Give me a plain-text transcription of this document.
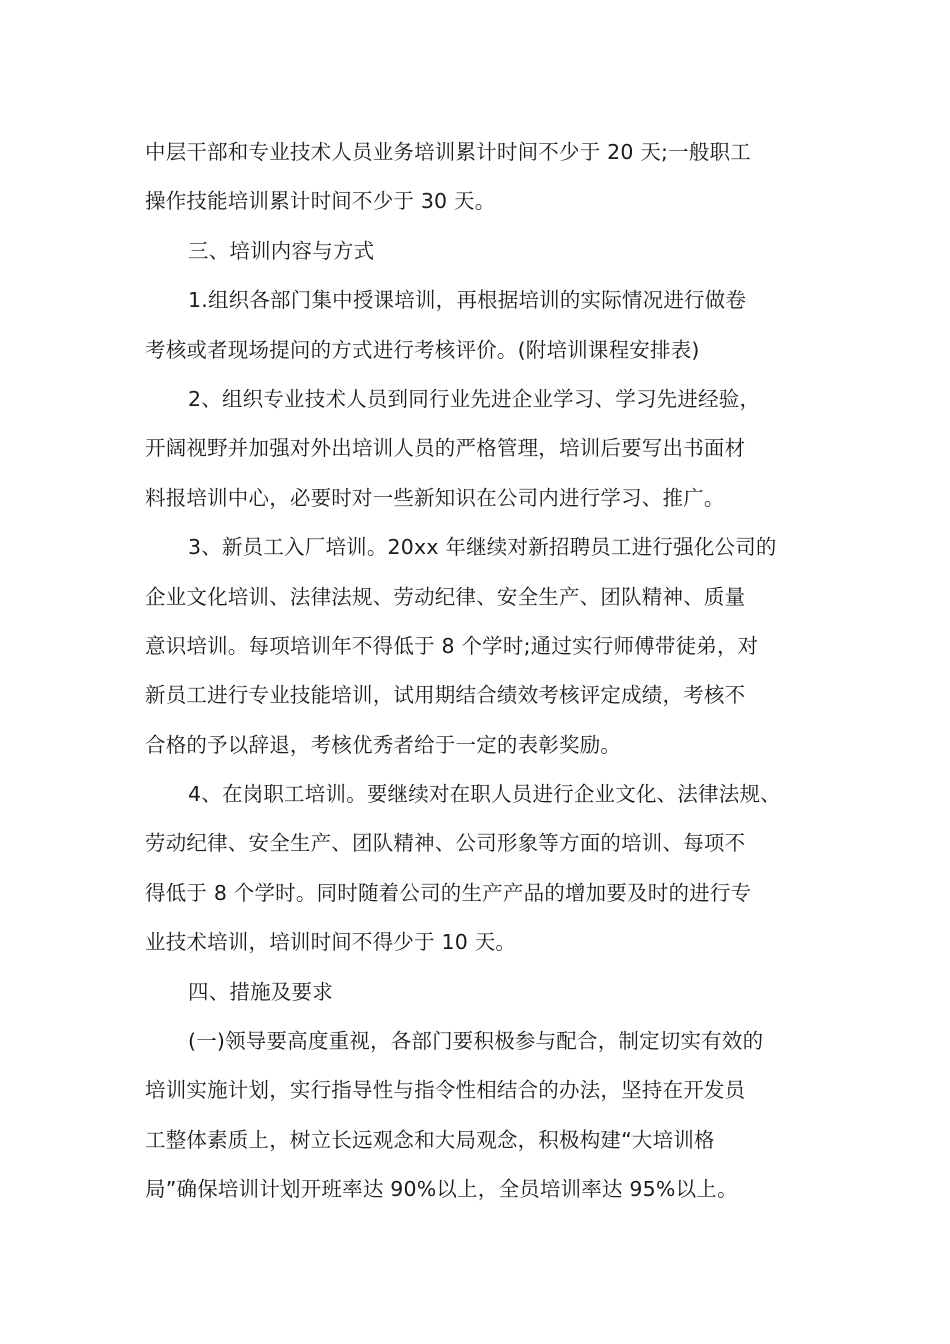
中层干部和专业技术人员业务培训累计时间不少于 20 天;一般职工
操作技能培训累计时间不少于 30 天。
三、培训内容与方式
1.组织各部门集中授课培训，再根据培训的实际情况进行做卷
考核或者现场提问的方式进行考核评价。(附培训课程安排表)
2、组织专业技术人员到同行业先进企业学习、学习先进经验，
开阔视野并加强对外出培训人员的严格管理，培训后要写出书面材
料报培训中心，必要时对一些新知识在公司内进行学习、推广。
3、新员工入厂培训。20xx 年继续对新招聘员工进行强化公司的
企业文化培训、法律法规、劳动纪律、安全生产、团队精神、质量
意识培训。每项培训年不得低于 8 个学时;通过实行师傅带徒弟，对
新员工进行专业技能培训，试用期结合绩效考核评定成绩，考核不
合格的予以辞退，考核优秀者给于一定的表彰奖励。
4、在岗职工培训。要继续对在职人员进行企业文化、法律法规、
劳动纪律、安全生产、团队精神、公司形象等方面的培训、每项不
得低于 8 个学时。同时随着公司的生产产品的增加要及时的进行专
业技术培训，培训时间不得少于 10 天。
四、措施及要求
(一)领导要高度重视，各部门要积极参与配合，制定切实有效的
培训实施计划，实行指导性与指令性相结合的办法，坚持在开发员
工整体素质上，树立长远观念和大局观念，积极构建“大培训格
局”确保培训计划开班率达 90%以上，全员培训率达 95%以上。
